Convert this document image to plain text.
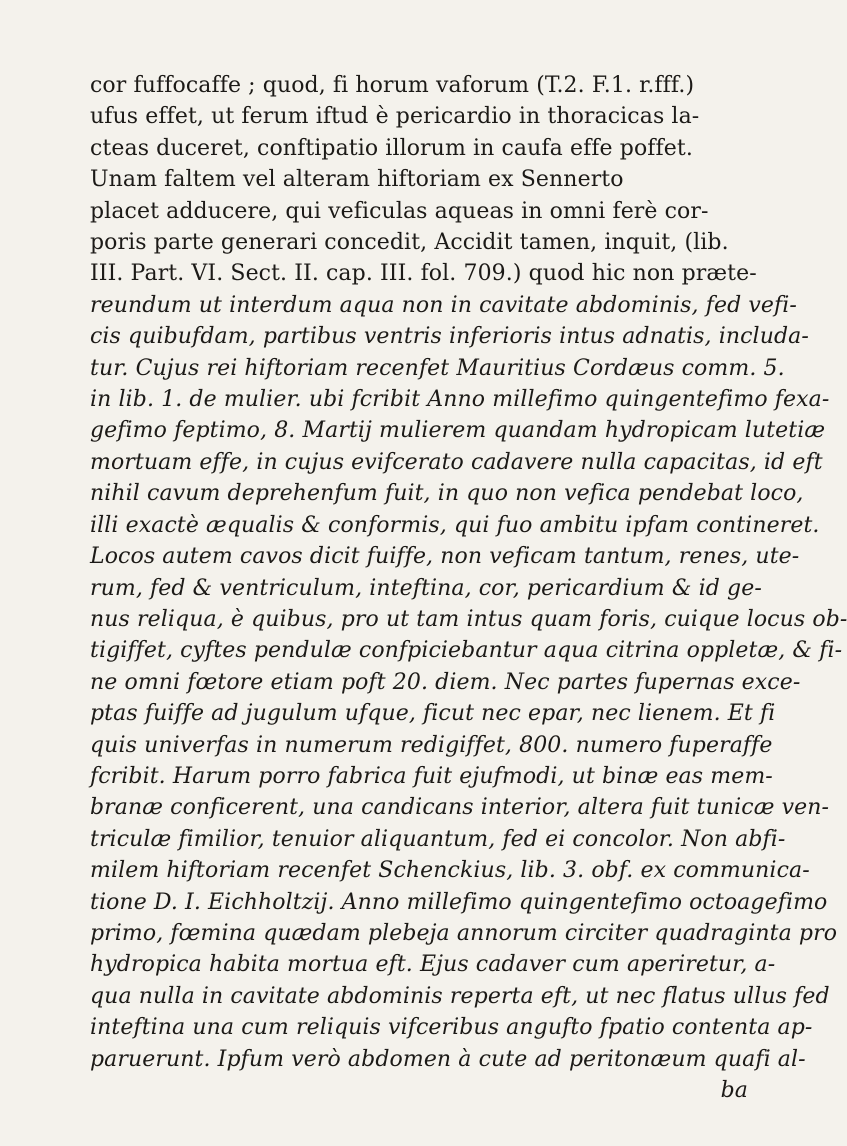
cor fuffocaffe ; quod, fi horum vaforum (T.2. F.1. r.fff.)
ufus effet, ut ferum iftud è pericardio in thoracicas la-
cteas duceret, conftipatio illorum in caufa effe poffet.
Unam faltem vel alteram hiftoriam ex Sennerto
placet adducere, qui veficulas aqueas in omni ferè cor-
poris parte generari concedit, Accidit tamen, inquit, (lib.
III. Part. VI. Sect. II. cap. III. fol. 709.) quod hic non præte-
reundum ut interdum aqua non in cavitate abdominis, fed vefi-
cis quibufdam, partibus ventris inferioris intus adnatis, includa-
tur. Cujus rei hiftoriam recenfet Mauritius Cordæus comm. 5.
in lib. 1. de mulier. ubi fcribit Anno millefimo quingentefimo fexa-
gefimo feptimo, 8. Martij mulierem quandam hydropicam lutetiæ
mortuam effe, in cujus evifcerato cadavere nulla capacitas, id eft
nihil cavum deprehenfum fuit, in quo non vefica pendebat loco,
illi exactè æqualis & conformis, qui fuo ambitu ipfam contineret.
Locos autem cavos dicit fuiffe, non veficam tantum, renes, ute-
rum, fed & ventriculum, inteftina, cor, pericardium & id ge-
nus reliqua, è quibus, pro ut tam intus quam foris, cuique locus ob-
tigiffet, cyftes pendulæ confpiciebantur aqua citrina oppletæ, & fi-
ne omni fœtore etiam poft 20. diem. Nec partes fupernas exce-
ptas fuiffe ad jugulum ufque, ficut nec epar, nec lienem. Et fi
quis univerfas in numerum redigiffet, 800. numero fuperaffe
fcribit. Harum porro fabrica fuit ejufmodi, ut binæ eas mem-
branæ conficerent, una candicans interior, altera fuit tunicæ ven-
triculæ fimilior, tenuior aliquantum, fed ei concolor. Non abfi-
milem hiftoriam recenfet Schenckius, lib. 3. obf. ex communica-
tione D. I. Eichholtzij. Anno millefimo quingentefimo octoagefimo
primo, fœmina quædam plebeja annorum circiter quadraginta pro
hydropica habita mortua eft. Ejus cadaver cum aperiretur, a-
qua nulla in cavitate abdominis reperta eft, ut nec flatus ullus fed
inteftina una cum reliquis vifceribus angufto fpatio contenta ap-
paruerunt. Ipfum verò abdomen à cute ad peritonæum quafi al-
ba
